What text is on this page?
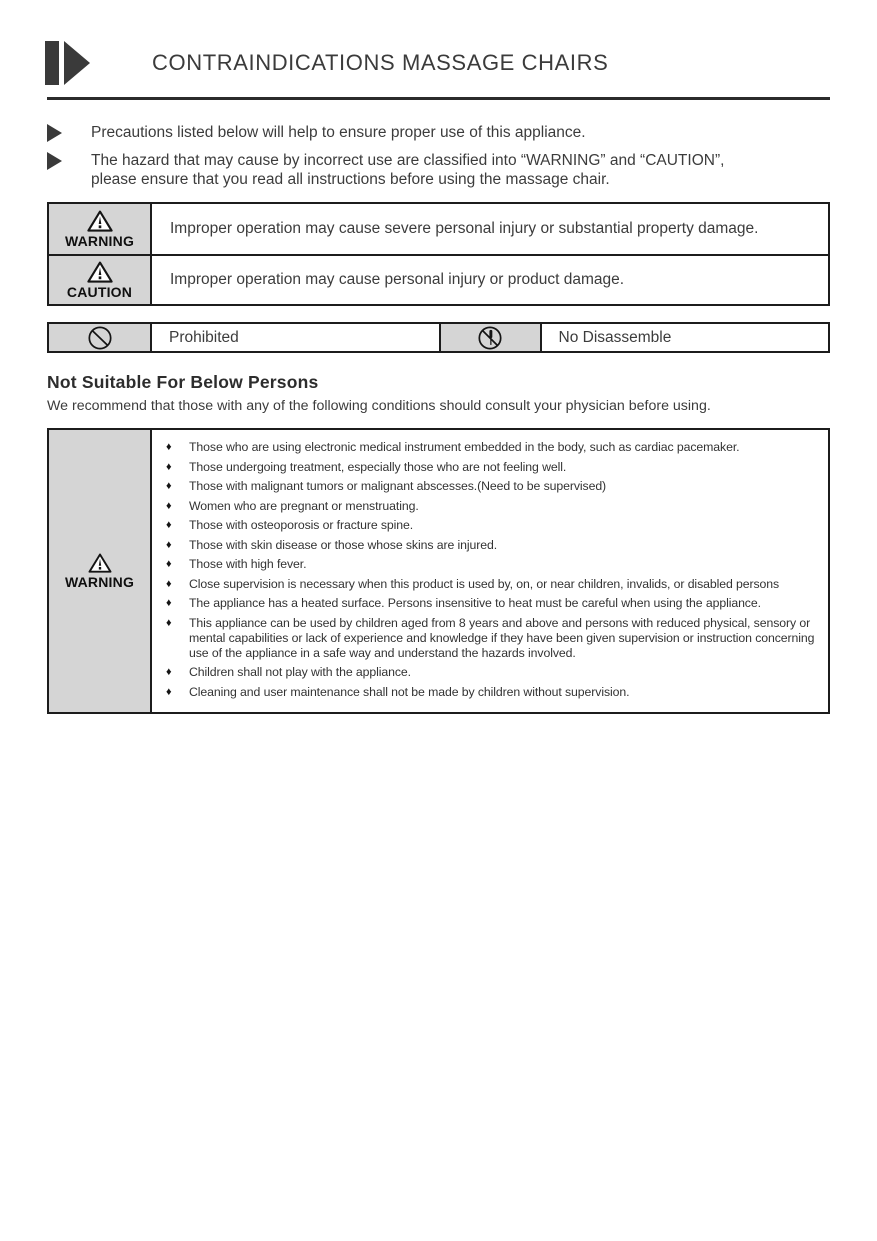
CONTRAINDICATIONS MASSAGE CHAIRS
Precautions listed below will help to ensure proper use of this appliance.
The hazard that may cause by incorrect use are classified into “WARNING” and “CAUTION”,
please ensure that you read all instructions before using the massage chair.
WARNING
Improper operation may cause severe personal injury or substantial property damage.
CAUTION
Improper operation may cause personal injury or product damage.
Prohibited	No Disassemble
Not Suitable For Below Persons

We recommend that those with any of the following conditions should consult your physician before using.

WARNING
♦
Those who are using electronic medical instrument embedded in the body, such as cardiac pacemaker.
♦
Those undergoing treatment, especially those who are not feeling well.
♦
Those with malignant tumors or malignant abscesses.(Need to be supervised)
♦
Women who are pregnant or menstruating.
♦
Those with osteoporosis or fracture spine.
♦
Those with skin disease or those whose skins are injured.
♦
Those with high fever.
♦
Close supervision is necessary when this product is used by, on, or near children, invalids, or disabled persons
♦
The appliance has a heated surface. Persons insensitive to heat must be careful when using the appliance.
♦
This appliance can be used by children aged from 8 years and above and persons with reduced physical, sensory or mental capabilities or lack of experience and knowledge if they have been given supervision or instruction concerning use of the appliance in a safe way and understand the hazards involved.
♦
Children shall not play with the appliance.
♦
Cleaning and user maintenance shall not be made by children without supervision.
